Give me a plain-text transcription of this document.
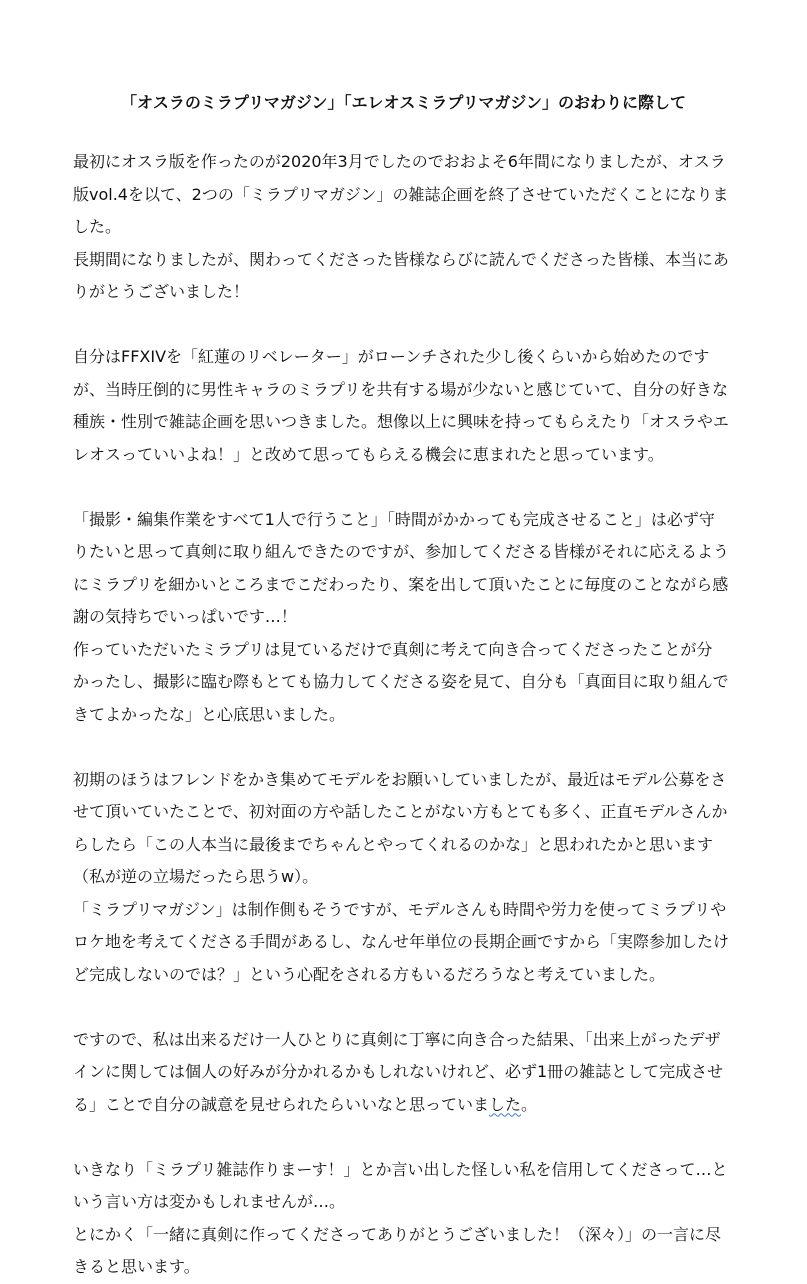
「オスラのミラプリマガジン」「エレオスミラプリマガジン」のおわりに際して
最初にオスラ版を作ったのが2020年3月でしたのでおおよそ6年間になりましたが、オスラ
版vol.4を以て、2つの「ミラプリマガジン」の雑誌企画を終了させていただくことになりま
した。
長期間になりましたが、関わってくださった皆様ならびに読んでくださった皆様、本当にあ
りがとうございました！
自分はFFXIVを「紅蓮のリベレーター」がローンチされた少し後くらいから始めたのです
が、当時圧倒的に男性キャラのミラプリを共有する場が少ないと感じていて、自分の好きな
種族・性別で雑誌企画を思いつきました。想像以上に興味を持ってもらえたり「オスラやエ
レオスっていいよね！」と改めて思ってもらえる機会に恵まれたと思っています。
「撮影・編集作業をすべて1人で行うこと」「時間がかかっても完成させること」は必ず守
りたいと思って真剣に取り組んできたのですが、参加してくださる皆様がそれに応えるよう
にミラプリを細かいところまでこだわったり、案を出して頂いたことに毎度のことながら感
謝の気持ちでいっぱいです…！
作っていただいたミラプリは見ているだけで真剣に考えて向き合ってくださったことが分
かったし、撮影に臨む際もとても協力してくださる姿を見て、自分も「真面目に取り組んで
きてよかったな」と心底思いました。
初期のほうはフレンドをかき集めてモデルをお願いしていましたが、最近はモデル公募をさ
せて頂いていたことで、初対面の方や話したことがない方もとても多く、正直モデルさんか
らしたら「この人本当に最後までちゃんとやってくれるのかな」と思われたかと思います
（私が逆の立場だったら思うw）。
「ミラプリマガジン」は制作側もそうですが、モデルさんも時間や労力を使ってミラプリや
ロケ地を考えてくださる手間があるし、なんせ年単位の長期企画ですから「実際参加したけ
ど完成しないのでは？」という心配をされる方もいるだろうなと考えていました。
ですので、私は出来るだけ一人ひとりに真剣に丁寧に向き合った結果、「出来上がったデザ
インに関しては個人の好みが分かれるかもしれないけれど、必ず1冊の雑誌として完成させ
る」ことで自分の誠意を見せられたらいいなと思っていました。
いきなり「ミラプリ雑誌作りまーす！」とか言い出した怪しい私を信用してくださって…と
いう言い方は変かもしれませんが…。
とにかく「一緒に真剣に作ってくださってありがとうございました！（深々）」の一言に尽
きると思います。
